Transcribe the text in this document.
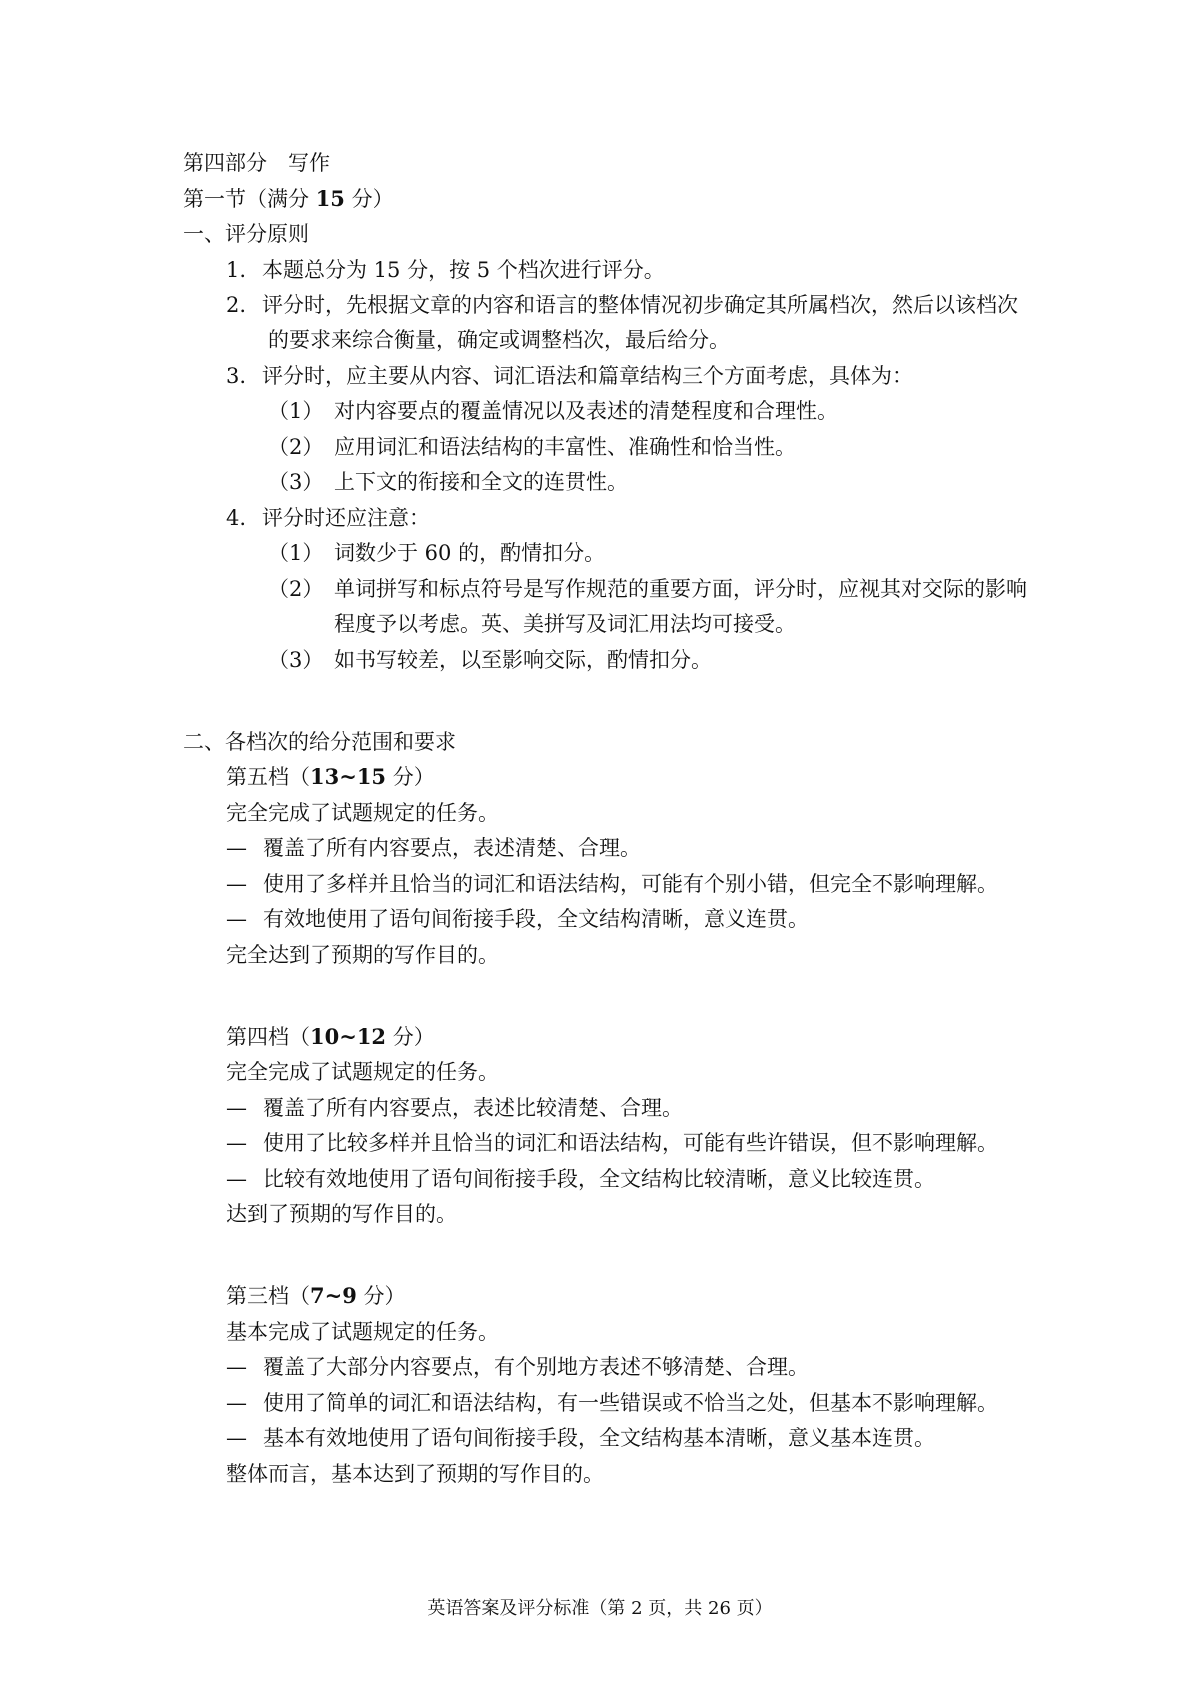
第四部分　写作
第一节（满分 15 分）
一、评分原则
1. 本题总分为 15 分，按 5 个档次进行评分。
2. 评分时，先根据文章的内容和语言的整体情况初步确定其所属档次，然后以该档次
的要求来综合衡量，确定或调整档次，最后给分。
3. 评分时，应主要从内容、词汇语法和篇章结构三个方面考虑，具体为：
（1） 对内容要点的覆盖情况以及表述的清楚程度和合理性。
（2） 应用词汇和语法结构的丰富性、准确性和恰当性。
（3） 上下文的衔接和全文的连贯性。
4. 评分时还应注意：
（1） 词数少于 60 的，酌情扣分。
（2） 单词拼写和标点符号是写作规范的重要方面，评分时，应视其对交际的影响
程度予以考虑。英、美拼写及词汇用法均可接受。
（3） 如书写较差，以至影响交际，酌情扣分。
二、各档次的给分范围和要求
第五档（13~15 分）
完全完成了试题规定的任务。
— 覆盖了所有内容要点，表述清楚、合理。
— 使用了多样并且恰当的词汇和语法结构，可能有个别小错，但完全不影响理解。
— 有效地使用了语句间衔接手段，全文结构清晰，意义连贯。
完全达到了预期的写作目的。
第四档（10~12 分）
完全完成了试题规定的任务。
— 覆盖了所有内容要点，表述比较清楚、合理。
— 使用了比较多样并且恰当的词汇和语法结构，可能有些许错误，但不影响理解。
— 比较有效地使用了语句间衔接手段，全文结构比较清晰，意义比较连贯。
达到了预期的写作目的。
第三档（7~9 分）
基本完成了试题规定的任务。
— 覆盖了大部分内容要点，有个别地方表述不够清楚、合理。
— 使用了简单的词汇和语法结构，有一些错误或不恰当之处，但基本不影响理解。
— 基本有效地使用了语句间衔接手段，全文结构基本清晰，意义基本连贯。
整体而言，基本达到了预期的写作目的。
英语答案及评分标准（第 2 页，共 26 页）
